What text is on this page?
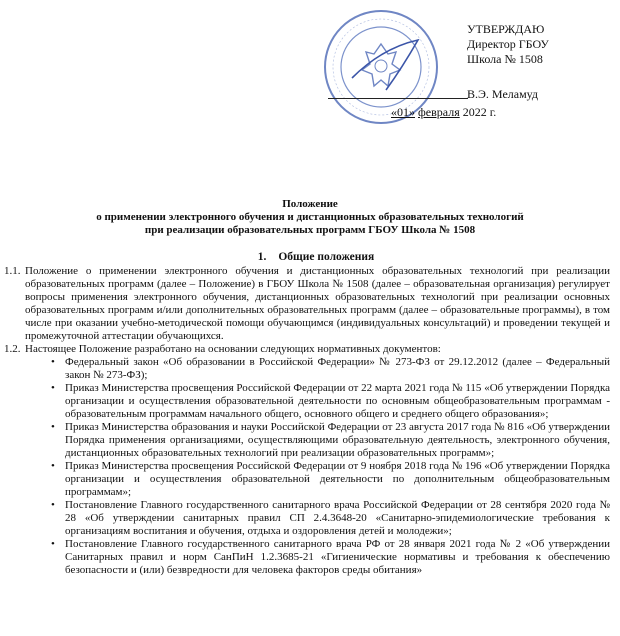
УТВЕРЖДАЮ
Директор ГБОУ
Школа № 1508
В.Э. Меламуд
«01» февраля 2022 г.
Положение
о применении электронного обучения и дистанционных образовательных технологий
при реализации образовательных программ ГБОУ Школа № 1508
1. Общие положения
1.1. Положение о применении электронного обучения и дистанционных образовательных технологий при реализации образовательных программ (далее – Положение) в ГБОУ Школа № 1508 (далее – образовательная организация) регулирует вопросы применения электронного обучения, дистанционных образовательных технологий при реализации основных образовательных программ и/или дополнительных образовательных программ (далее – образовательные программы), в том числе при оказании учебно-методической помощи обучающимся (индивидуальных консультаций) и проведении текущей и промежуточной аттестации обучающихся.
1.2. Настоящее Положение разработано на основании следующих нормативных документов:
• Федеральный закон «Об образовании в Российской Федерации» № 273-ФЗ от 29.12.2012 (далее – Федеральный закон № 273-ФЗ);
• Приказ Министерства просвещения Российской Федерации от 22 марта 2021 года № 115 «Об утверждении Порядка организации и осуществления образовательной деятельности по основным общеобразовательным программам - образовательным программам начального общего, основного общего и среднего общего образования»;
• Приказ Министерства образования и науки Российской Федерации от 23 августа 2017 года № 816 «Об утверждении Порядка применения организациями, осуществляющими образовательную деятельность, электронного обучения, дистанционных образовательных технологий при реализации образовательных программ»;
• Приказ Министерства просвещения Российской Федерации от 9 ноября 2018 года № 196 «Об утверждении Порядка организации и осуществления образовательной деятельности по дополнительным общеобразовательным программам»;
• Постановление Главного государственного санитарного врача Российской Федерации от 28 сентября 2020 года № 28 «Об утверждении санитарных правил СП 2.4.3648-20 «Санитарно-эпидемиологические требования к организациям воспитания и обучения, отдыха и оздоровления детей и молодежи»;
• Постановление Главного государственного санитарного врача РФ от 28 января 2021 года № 2 «Об утверждении Санитарных правил и норм СанПиН 1.2.3685-21 «Гигиенические нормативы и требования к обеспечению безопасности и (или) безвредности для человека факторов среды обитания»
